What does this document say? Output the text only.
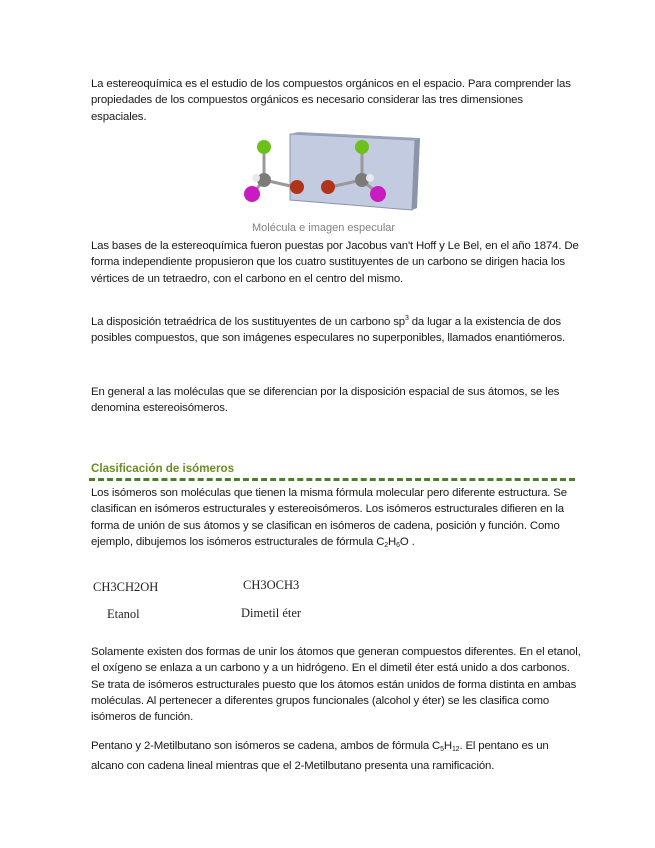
La estereoquímica es el estudio de los compuestos orgánicos en el espacio. Para comprender las propiedades de los compuestos orgánicos es necesario considerar las tres dimensiones espaciales.

Molécula e imagen especular

Las bases de la estereoquímica fueron puestas por Jacobus van't Hoff y Le Bel, en el año 1874. De forma independiente propusieron que los cuatro sustituyentes de un carbono se dirigen hacia los vértices de un tetraedro, con el carbono en el centro del mismo.

La disposición tetraédrica de los sustituyentes de un carbono $sp^3$ da lugar a la existencia de dos posibles compuestos, que son imágenes especulares no superponibles, llamados enantiómeros.

En general a las moléculas que se diferencian por la disposición espacial de sus átomos, se les denomina estereoisómeros.

Clasificación de isómeros

Los isómeros son moléculas que tienen la misma fórmula molecular pero diferente estructura. Se clasifican en isómeros estructurales y estereoisómeros. Los isómeros estructurales difieren en la forma de unión de sus átomos y se clasifican en isómeros de cadena, posición y función. Como ejemplo, dibujemos los isómeros estructurales de fórmula $C_2H_6O$ .

CH3CH2OH
Etanol
CH3OCH3
Dimetil éter

Solamente existen dos formas de unir los átomos que generan compuestos diferentes. En el etanol, el oxígeno se enlaza a un carbono y a un hidrógeno. En el dimetil éter está unido a dos carbonos. Se trata de isómeros estructurales puesto que los átomos están unidos de forma distinta en ambas moléculas. Al pertenecer a diferentes grupos funcionales (alcohol y éter) se les clasifica como isómeros de función.

Pentano y 2-Metilbutano son isómeros se cadena, ambos de fórmula $C_5H_{12}$. El pentano es un alcano con cadena lineal mientras que el 2-Metilbutano presenta una ramificación.
